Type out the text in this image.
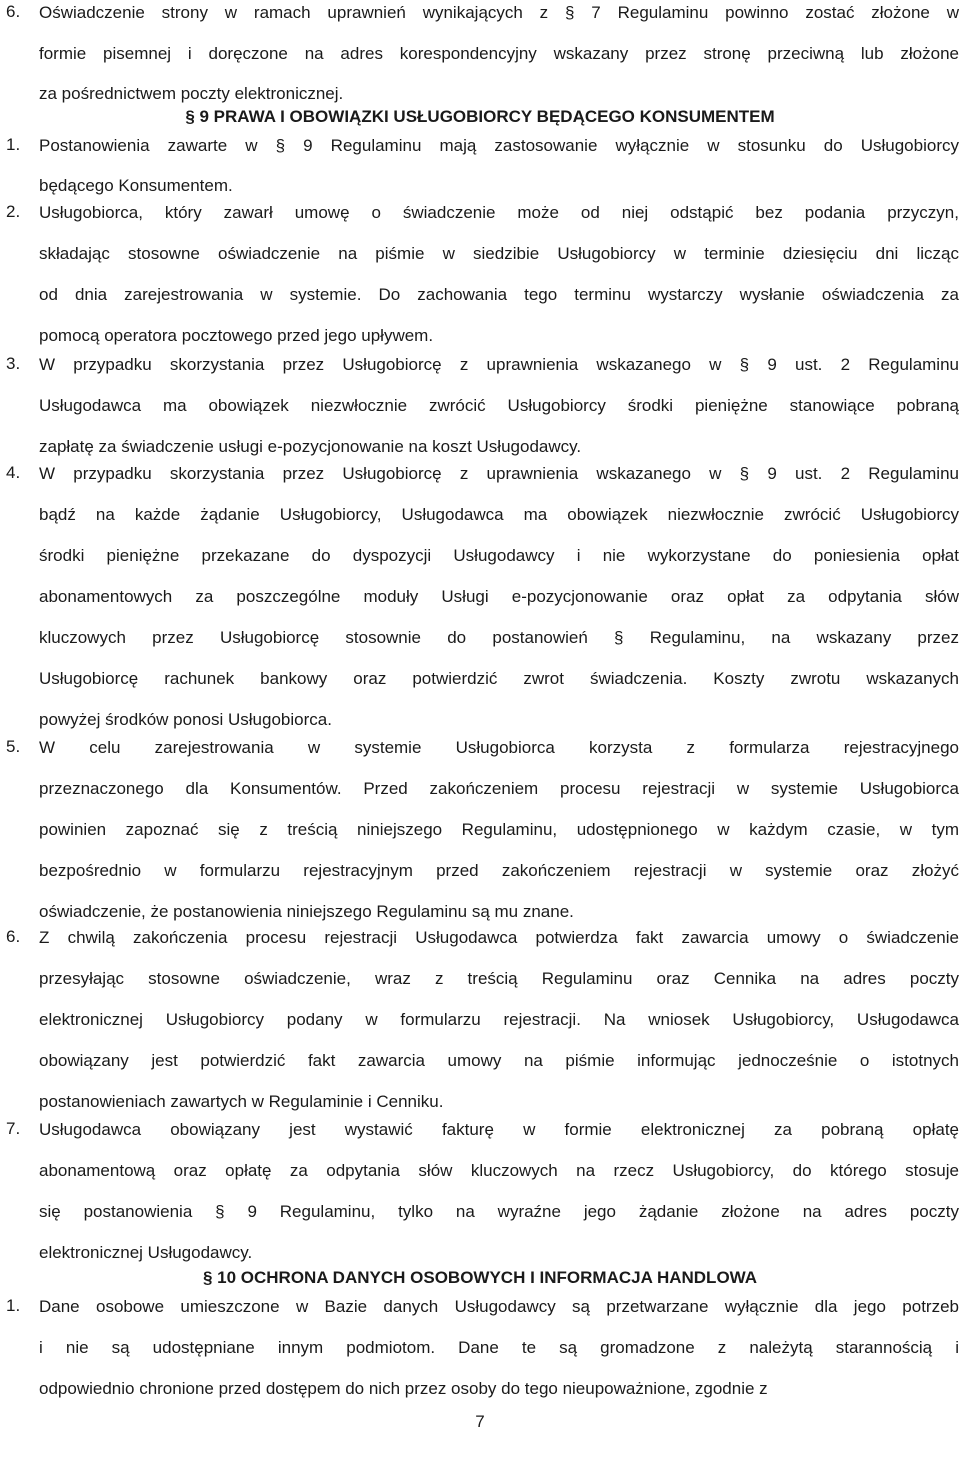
6. Oświadczenie strony w ramach uprawnień wynikających z § 7 Regulaminu powinno zostać złożone w
formie pisemnej i doręczone na adres korespondencyjny wskazany przez stronę przeciwną lub złożone
za pośrednictwem poczty elektronicznej.
§ 9 PRAWA I OBOWIĄZKI USŁUGOBIORCY BĘDĄCEGO KONSUMENTEM
1. Postanowienia zawarte w § 9 Regulaminu mają zastosowanie wyłącznie w stosunku do Usługobiorcy
będącego Konsumentem.
2. Usługobiorca, który zawarł umowę o świadczenie może od niej odstąpić bez podania przyczyn,
składając stosowne oświadczenie na piśmie w siedzibie Usługobiorcy w terminie dziesięciu dni licząc
od dnia zarejestrowania w systemie. Do zachowania tego terminu wystarczy wysłanie oświadczenia za
pomocą operatora pocztowego przed jego upływem.
3. W przypadku skorzystania przez Usługobiorcę z uprawnienia wskazanego w § 9 ust. 2 Regulaminu
Usługodawca ma obowiązek niezwłocznie zwrócić Usługobiorcy środki pieniężne stanowiące pobraną
zapłatę za świadczenie usługi e-pozycjonowanie na koszt Usługodawcy.
4. W przypadku skorzystania przez Usługobiorcę z uprawnienia wskazanego w § 9 ust. 2 Regulaminu
bądź na każde żądanie Usługobiorcy, Usługodawca ma obowiązek niezwłocznie zwrócić Usługobiorcy
środki pieniężne przekazane do dyspozycji Usługodawcy i nie wykorzystane do poniesienia opłat
abonamentowych za poszczególne moduły Usługi e-pozycjonowanie oraz opłat za odpytania słów
kluczowych przez Usługobiorcę stosownie do postanowień § Regulaminu, na wskazany przez
Usługobiorcę rachunek bankowy oraz potwierdzić zwrot świadczenia. Koszty zwrotu wskazanych
powyżej środków ponosi Usługobiorca.
5. W celu zarejestrowania w systemie Usługobiorca korzysta z formularza rejestracyjnego
przeznaczonego dla Konsumentów. Przed zakończeniem procesu rejestracji w systemie Usługobiorca
powinien zapoznać się z treścią niniejszego Regulaminu, udostępnionego w każdym czasie, w tym
bezpośrednio w formularzu rejestracyjnym przed zakończeniem rejestracji w systemie oraz złożyć
oświadczenie, że postanowienia niniejszego Regulaminu są mu znane.
6. Z chwilą zakończenia procesu rejestracji Usługodawca potwierdza fakt zawarcia umowy o świadczenie
przesyłając stosowne oświadczenie, wraz z treścią Regulaminu oraz Cennika na adres poczty
elektronicznej Usługobiorcy podany w formularzu rejestracji. Na wniosek Usługobiorcy, Usługodawca
obowiązany jest potwierdzić fakt zawarcia umowy na piśmie informując jednocześnie o istotnych
postanowieniach zawartych w Regulaminie i Cenniku.
7. Usługodawca obowiązany jest wystawić fakturę w formie elektronicznej za pobraną opłatę
abonamentową oraz opłatę za odpytania słów kluczowych na rzecz Usługobiorcy, do którego stosuje
się postanowienia § 9 Regulaminu, tylko na wyraźne jego żądanie złożone na adres poczty
elektronicznej Usługodawcy.
§ 10 OCHRONA DANYCH OSOBOWYCH I INFORMACJA HANDLOWA
1. Dane osobowe umieszczone w Bazie danych Usługodawcy są przetwarzane wyłącznie dla jego potrzeb
i nie są udostępniane innym podmiotom. Dane te są gromadzone z należytą starannością i
odpowiednio chronione przed dostępem do nich przez osoby do tego nieupoważnione, zgodnie z
7
